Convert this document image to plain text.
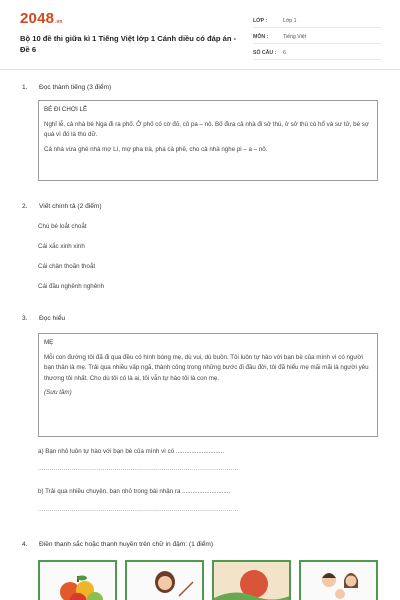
2048 .vn
Bộ 10 đề thi giữa kì 1 Tiếng Việt lớp 1 Cánh diều có đáp án - Đề 6
LỚP :	Lớp 1
MÔN :	Tiếng Việt
SỐ CÂU :	6
1. Đọc thành tiếng (3 điểm)
BÉ ĐI CHƠI LỄ

Nghỉ lễ, cả nhà bé Nga đi ra phố. Ở phố có cờ đỏ, cô pa – nô. Bố đưa cả nhà đi sở thú, ở sở thú có hổ và sư tử, bé sợ quá vì đó là thú dữ.

Cả nhà vừa ghé nhà mợ Lí, mợ pha trà, pha cà phê, cho cả nhà nghe pi – a – nô.

2. Viết chính tả (2 điểm)
Chú bé loắt choắt
Cái xắc xinh xinh
Cái chân thoăn thoắt
Cái đầu nghênh nghênh
3. Đọc hiểu
MẸ

Mỗi con đường tôi đã đi qua đều có hình bóng mẹ, dù vui, dù buồn. Tôi luôn tự hào với bạn bè của mình vì có người bạn thân là mẹ. Trải qua nhiều vấp ngã, thành công trong những bước đi đầu đời, tôi đã hiểu mẹ mãi mãi là người yêu thương tôi nhất. Cho dù tôi có là ai, tôi vẫn tự hào tôi là con mẹ.

(Sưu tầm)

a) Bạn nhỏ luôn tự hào với bạn bè của mình vì có ............................
......................................................................................................
b) Trải qua nhiều chuyện, bạn nhỏ trong bài nhận ra ............................
......................................................................................................
4. Điền thanh sắc hoặc thanh huyền trên chữ in đậm: (1 điểm)
